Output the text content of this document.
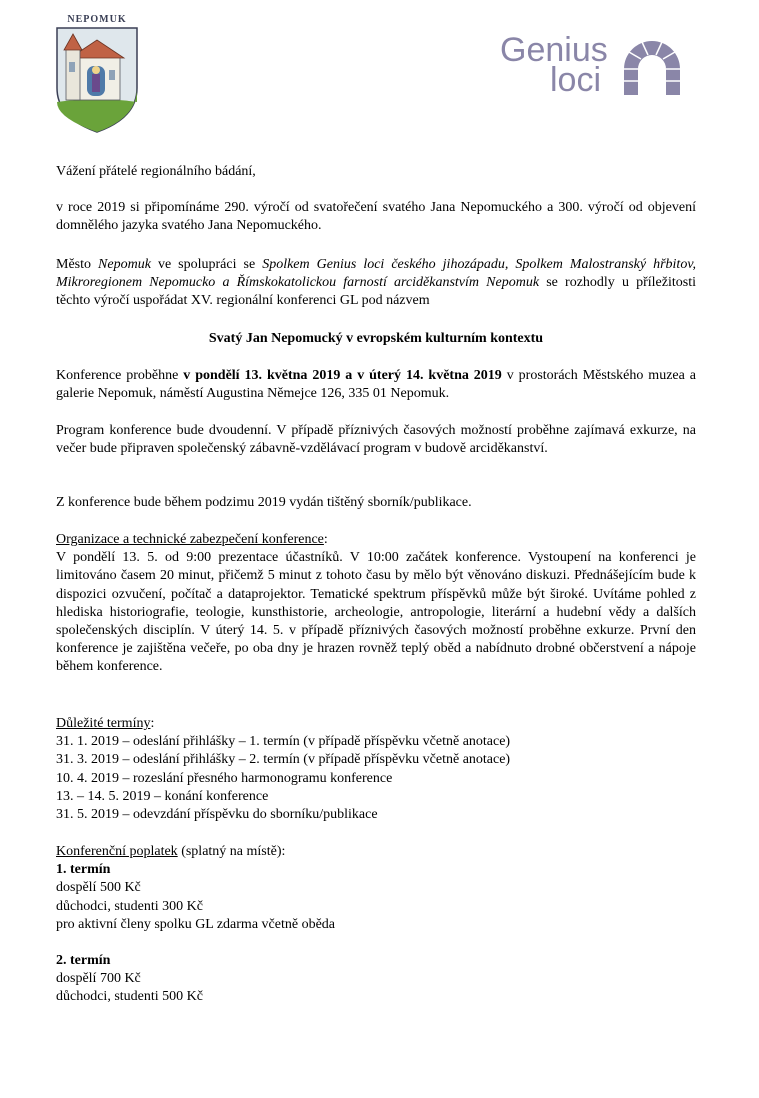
NEPOMUK
Genius
loci

Vážení přátelé regionálního bádání,

v roce 2019 si připomínáme 290. výročí od svatořečení svatého Jana Nepomuckého a 300. výročí od objevení domnělého jazyka svatého Jana Nepomuckého.

Město Nepomuk ve spolupráci se Spolkem Genius loci českého jihozápadu, Spolkem Malostranský hřbitov, Mikroregionem Nepomucko a Římskokatolickou farností arciděkanstvím Nepomuk se rozhodly u příležitosti těchto výročí uspořádat XV. regionální konferenci GL pod názvem

Svatý Jan Nepomucký v evropském kulturním kontextu

Konference proběhne v pondělí 13. května 2019 a v úterý 14. května 2019 v prostorách Městského muzea a galerie Nepomuk, náměstí Augustina Němejce 126, 335 01 Nepomuk.

Program konference bude dvoudenní. V případě příznivých časových možností proběhne zajímavá exkurze, na večer bude připraven společenský zábavně-vzdělávací program v budově arciděkanství.

Z konference bude během podzimu 2019 vydán tištěný sborník/publikace.

Organizace a technické zabezpečení konference:

V pondělí 13. 5. od 9:00 prezentace účastníků. V 10:00 začátek konference. Vystoupení na konferenci je limitováno časem 20 minut, přičemž 5 minut z tohoto času by mělo být věnováno diskuzi. Přednášejícím bude k dispozici ozvučení, počítač a dataprojektor. Tematické spektrum příspěvků může být široké. Uvítáme pohled z hlediska historiografie, teologie, kunsthistorie, archeologie, antropologie, literární a hudební vědy a dalších společenských disciplín. V úterý 14. 5. v případě příznivých časových možností proběhne exkurze. První den konference je zajištěna večeře, po oba dny je hrazen rovněž teplý oběd a nabídnuto drobné občerstvení a nápoje během konference.

Důležité termíny:

31. 1. 2019 – odeslání přihlášky – 1. termín (v případě příspěvku včetně anotace)

31. 3. 2019 – odeslání přihlášky – 2. termín (v případě příspěvku včetně anotace)

10. 4. 2019 – rozeslání přesného harmonogramu konference

13. – 14. 5. 2019 – konání konference

31. 5. 2019 – odevzdání příspěvku do sborníku/publikace

Konferenční poplatek (splatný na místě):

1. termín

dospělí 500 Kč

důchodci, studenti 300 Kč

pro aktivní členy spolku GL zdarma včetně oběda

2. termín

dospělí 700 Kč

důchodci, studenti 500 Kč
